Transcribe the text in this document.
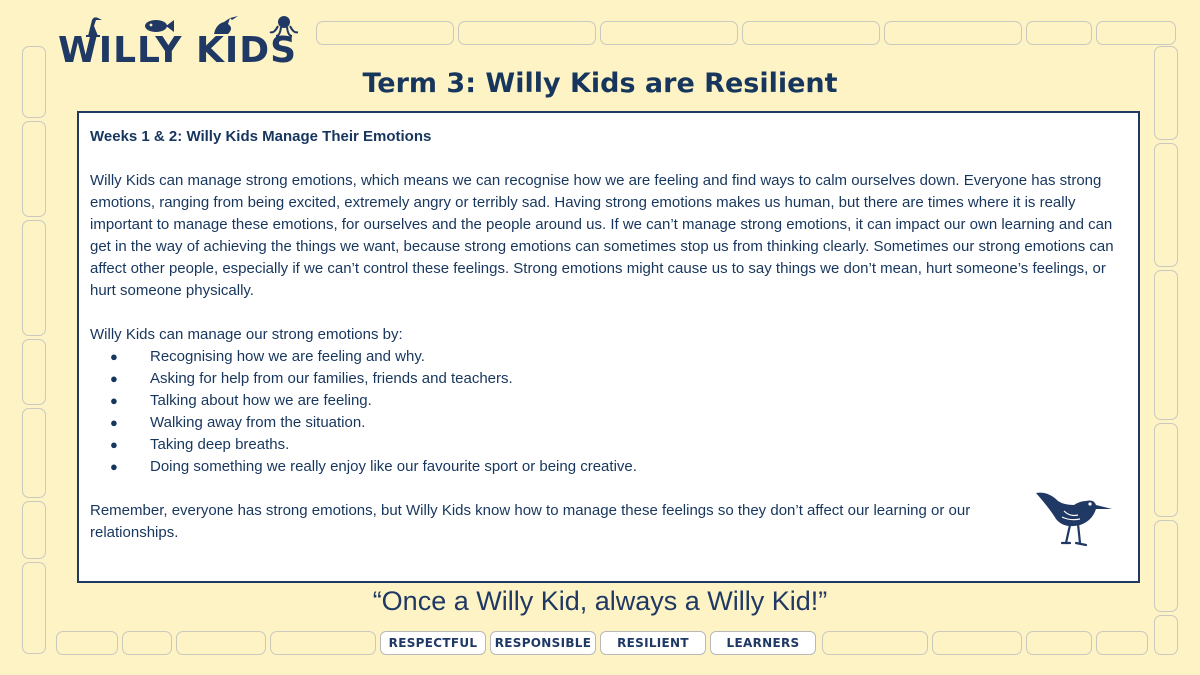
RESPECTFUL	RESPONSIBLE	RESILIENT	LEARNERS
WILLY KIDS
Term 3: Willy Kids are Resilient

Weeks 1 & 2: Willy Kids Manage Their Emotions

Willy Kids can manage strong emotions, which means we can recognise how we are feeling and find ways to calm ourselves down. Everyone has strong emotions, ranging from being excited, extremely angry or terribly sad. Having strong emotions makes us human, but there are times where it is really important to manage these emotions, for ourselves and the people around us. If we can’t manage strong emotions, it can impact our own learning and can get in the way of achieving the things we want, because strong emotions can sometimes stop us from thinking clearly. Sometimes our strong emotions can affect other people, especially if we can’t control these feelings. Strong emotions might cause us to say things we don’t mean, hurt someone’s feelings, or hurt someone physically.

Willy Kids can manage our strong emotions by:

● Recognising how we are feeling and why.
● Asking for help from our families, friends and teachers.
● Talking about how we are feeling.
● Walking away from the situation.
● Taking deep breaths.
● Doing something we really enjoy like our favourite sport or being creative.

Remember, everyone has strong emotions, but Willy Kids know how to manage these feelings so they don’t affect our learning or our relationships.

“Once a Willy Kid, always a Willy Kid!”
